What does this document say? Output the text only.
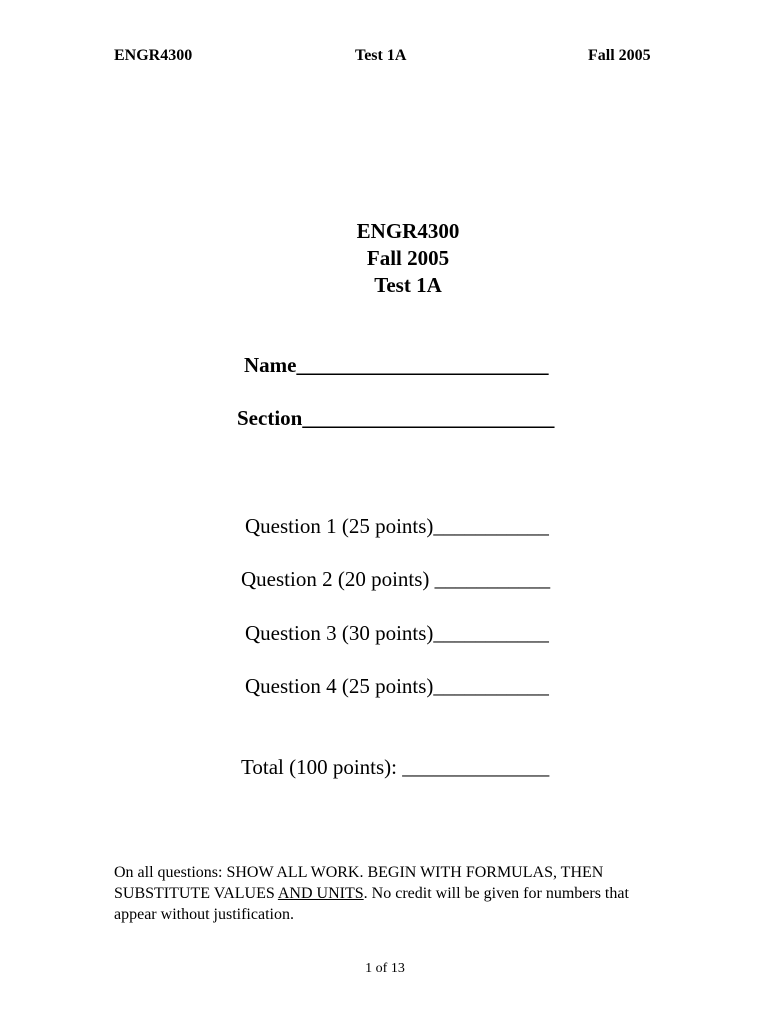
ENGR4300	Test 1A	Fall 2005
ENGR4300
Fall 2005
Test 1A
Name________________________
Section________________________
Question 1 (25 points)___________
Question 2 (20 points) ___________
Question 3 (30 points)___________
Question 4 (25 points)___________
Total (100 points): ______________
On all questions: SHOW ALL WORK. BEGIN WITH FORMULAS, THEN SUBSTITUTE VALUES AND UNITS. No credit will be given for numbers that appear without justification.
1 of 13
